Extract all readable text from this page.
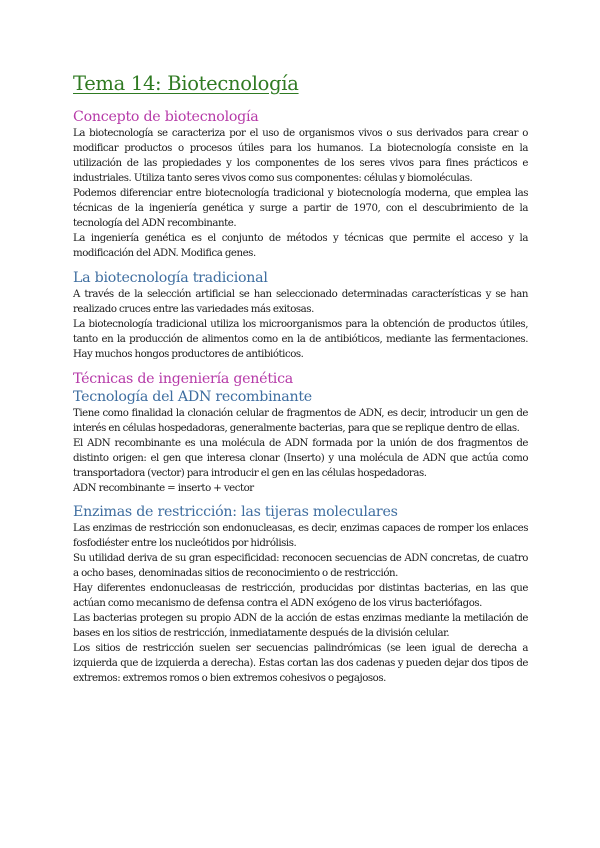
Tema 14: Biotecnología
Concepto de biotecnología

La biotecnología se caracteriza por el uso de organismos vivos o sus derivados para crear o modificar productos o procesos útiles para los humanos. La biotecnología consiste en la utilización de las propiedades y los componentes de los seres vivos para fines prácticos e industriales. Utiliza tanto seres vivos como sus componentes: células y biomoléculas.

Podemos diferenciar entre biotecnología tradicional y biotecnología moderna, que emplea las técnicas de la ingeniería genética y surge a partir de 1970, con el descubrimiento de la tecnología del ADN recombinante.

La ingeniería genética es el conjunto de métodos y técnicas que permite el acceso y la modificación del ADN. Modifica genes.

La biotecnología tradicional

A través de la selección artificial se han seleccionado determinadas características y se han realizado cruces entre las variedades más exitosas.

La biotecnología tradicional utiliza los microorganismos para la obtención de productos útiles, tanto en la producción de alimentos como en la de antibióticos, mediante las fermentaciones. Hay muchos hongos productores de antibióticos.

Técnicas de ingeniería genética
Tecnología del ADN recombinante

Tiene como finalidad la clonación celular de fragmentos de ADN, es decir, introducir un gen de interés en células hospedadoras, generalmente bacterias, para que se replique dentro de ellas.

El ADN recombinante es una molécula de ADN formada por la unión de dos fragmentos de distinto origen: el gen que interesa clonar (Inserto) y una molécula de ADN que actúa como transportadora (vector) para introducir el gen en las células hospedadoras.

ADN recombinante = inserto + vector

Enzimas de restricción: las tijeras moleculares

Las enzimas de restricción son endonucleasas, es decir, enzimas capaces de romper los enlaces fosfodiéster entre los nucleótidos por hidrólisis.

Su utilidad deriva de su gran especificidad: reconocen secuencias de ADN concretas, de cuatro a ocho bases, denominadas sitios de reconocimiento o de restricción.

Hay diferentes endonucleasas de restricción, producidas por distintas bacterias, en las que actúan como mecanismo de defensa contra el ADN exógeno de los virus bacteriófagos.

Las bacterias protegen su propio ADN de la acción de estas enzimas mediante la metilación de bases en los sitios de restricción, inmediatamente después de la división celular.

Los sitios de restricción suelen ser secuencias palindrómicas (se leen igual de derecha a izquierda que de izquierda a derecha). Estas cortan las dos cadenas y pueden dejar dos tipos de extremos: extremos romos o bien extremos cohesivos o pegajosos.
